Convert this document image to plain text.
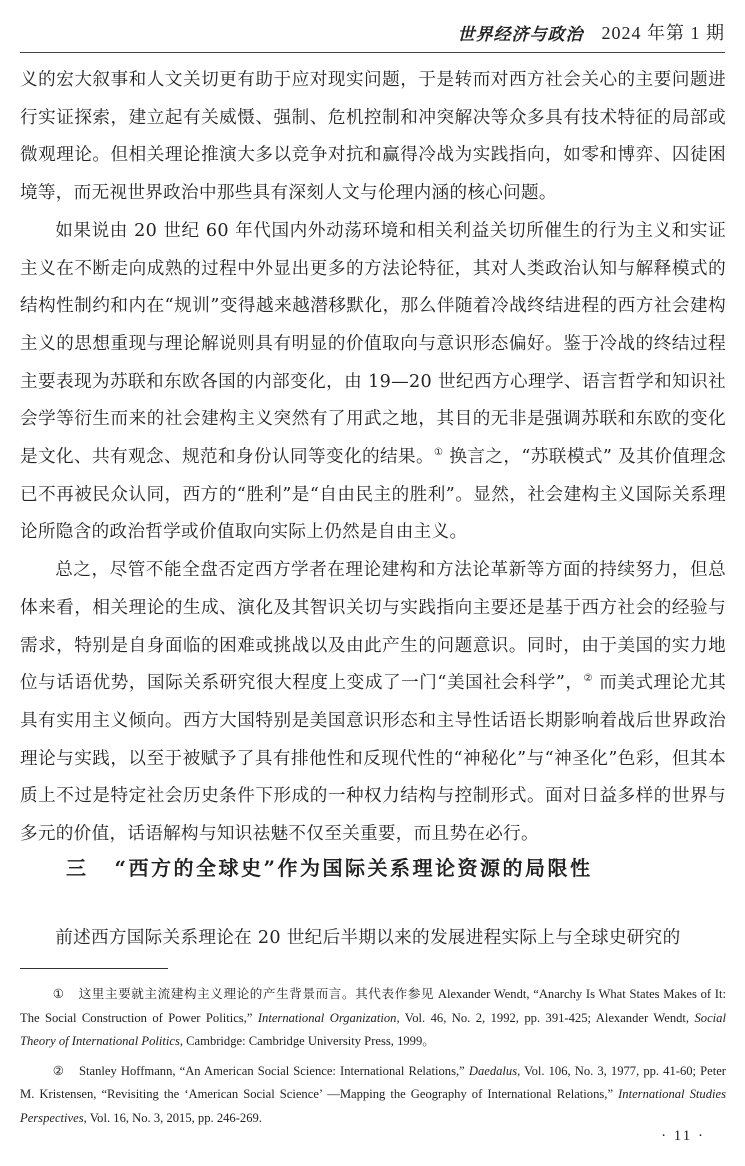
世界经济与政治 2024 年第 1 期

义的宏大叙事和人文关切更有助于应对现实问题，于是转而对西方社会关心的主要问题进行实证探索，建立起有关威慑、强制、危机控制和冲突解决等众多具有技术特征的局部或微观理论。但相关理论推演大多以竞争对抗和赢得冷战为实践指向，如零和博弈、囚徒困境等，而无视世界政治中那些具有深刻人文与伦理内涵的核心问题。

如果说由 20 世纪 60 年代国内外动荡环境和相关利益关切所催生的行为主义和实证主义在不断走向成熟的过程中外显出更多的方法论特征，其对人类政治认知与解释模式的结构性制约和内在“规训”变得越来越潜移默化，那么伴随着冷战终结进程的西方社会建构主义的思想重现与理论解说则具有明显的价值取向与意识形态偏好。鉴于冷战的终结过程主要表现为苏联和东欧各国的内部变化，由 19—20 世纪西方心理学、语言哲学和知识社会学等衍生而来的社会建构主义突然有了用武之地，其目的无非是强调苏联和东欧的变化是文化、共有观念、规范和身份认同等变化的结果。① 换言之，“苏联模式” 及其价值理念已不再被民众认同，西方的“胜利”是“自由民主的胜利”。显然，社会建构主义国际关系理论所隐含的政治哲学或价值取向实际上仍然是自由主义。

总之，尽管不能全盘否定西方学者在理论建构和方法论革新等方面的持续努力，但总体来看，相关理论的生成、演化及其智识关切与实践指向主要还是基于西方社会的经验与需求，特别是自身面临的困难或挑战以及由此产生的问题意识。同时，由于美国的实力地位与话语优势，国际关系研究很大程度上变成了一门“美国社会科学”，② 而美式理论尤其具有实用主义倾向。西方大国特别是美国意识形态和主导性话语长期影响着战后世界政治理论与实践，以至于被赋予了具有排他性和反现代性的“神秘化”与“神圣化”色彩，但其本质上不过是特定社会历史条件下形成的一种权力结构与控制形式。面对日益多样的世界与多元的价值，话语解构与知识祛魅不仅至关重要，而且势在必行。

三 “西方的全球史”作为国际关系理论资源的局限性
前述西方国际关系理论在 20 世纪后半期以来的发展进程实际上与全球史研究的

① 这里主要就主流建构主义理论的产生背景而言。其代表作参见 Alexander Wendt, “Anarchy Is What States Makes of It: The Social Construction of Power Politics,” International Organization, Vol. 46, No. 2, 1992, pp. 391-425; Alexander Wendt, Social Theory of International Politics, Cambridge: Cambridge University Press, 1999。

② Stanley Hoffmann, “An American Social Science: International Relations,” Daedalus, Vol. 106, No. 3, 1977, pp. 41-60; Peter M. Kristensen, “Revisiting the ‘American Social Science’ —Mapping the Geography of International Relations,” International Studies Perspectives, Vol. 16, No. 3, 2015, pp. 246-269.

· 11 ·
